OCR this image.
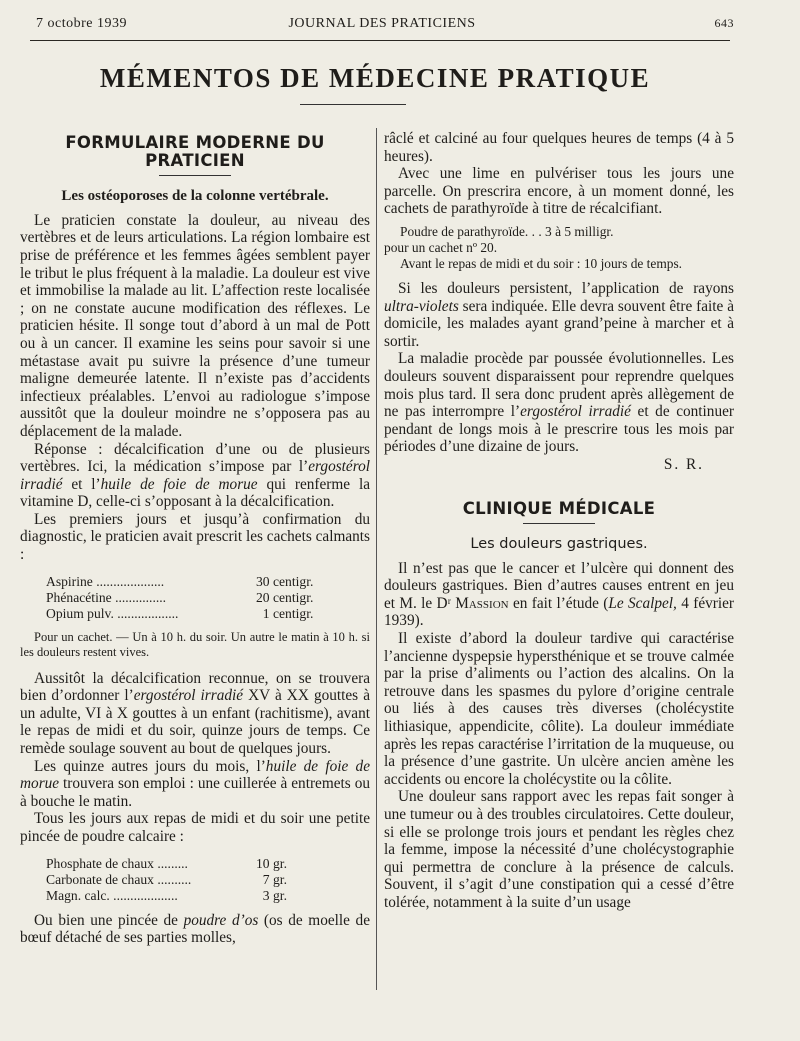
7 octobre 1939	JOURNAL DES PRATICIENS	643
MÉMENTOS DE MÉDECINE PRATIQUE
FORMULAIRE MODERNE DU PRATICIEN
Les ostéoporoses de la colonne vertébrale.

Le praticien constate la douleur, au niveau des vertèbres et de leurs articulations. La région lombaire est prise de préférence et les femmes âgées semblent payer le tribut le plus fréquent à la maladie. La douleur est vive et immobilise la malade au lit. L’affection reste localisée ; on ne constate aucune modification des réflexes. Le praticien hésite. Il songe tout d’abord à un mal de Pott ou à un cancer. Il examine les seins pour savoir si une métastase avait pu suivre la présence d’une tumeur maligne demeurée latente. Il n’existe pas d’accidents infectieux préalables. L’envoi au radiologue s’impose aussitôt que la douleur moindre ne s’opposera pas au déplacement de la malade.

Réponse : décalcification d’une ou de plusieurs vertèbres. Ici, la médication s’impose par l’ergostérol irradié et l’huile de foie de morue qui renferme la vitamine D, celle-ci s’opposant à la décalcification.

Les premiers jours et jusqu’à confirmation du diagnostic, le praticien avait prescrit les cachets calmants :

Aspirine ....................	30 centigr.
Phénacétine ...............	20 centigr.
Opium pulv. ..................	1 centigr.
Pour un cachet. — Un à 10 h. du soir. Un autre le matin à 10 h. si les douleurs restent vives.

Aussitôt la décalcification reconnue, on se trouvera bien d’ordonner l’ergostérol irradié XV à XX gouttes à un adulte, VI à X gouttes à un enfant (rachitisme), avant le repas de midi et du soir, quinze jours de temps. Ce remède soulage souvent au bout de quelques jours.

Les quinze autres jours du mois, l’huile de foie de morue trouvera son emploi : une cuillerée à entremets ou à bouche le matin.

Tous les jours aux repas de midi et du soir une petite pincée de poudre calcaire :

Phosphate de chaux .........	10 gr.
Carbonate de chaux ..........	7 gr.
Magn. calc. ...................	3 gr.

Ou bien une pincée de poudre d’os (os de moelle de bœuf détaché de ses parties molles,

râclé et calciné au four quelques heures de temps (4 à 5 heures).

Avec une lime en pulvériser tous les jours une parcelle. On prescrira encore, à un moment donné, les cachets de parathyroïde à titre de récalcifiant.

Poudre de parathyroïde. . . 3 à 5 milligr.
pour un cachet nº 20.
Avant le repas de midi et du soir : 10 jours de temps.

Si les douleurs persistent, l’application de rayons ultra-violets sera indiquée. Elle devra souvent être faite à domicile, les malades ayant grand’peine à marcher et à sortir.

La maladie procède par poussée évolutionnelles. Les douleurs souvent disparaissent pour reprendre quelques mois plus tard. Il sera donc prudent après allègement de ne pas interrompre l’ergostérol irradié et de continuer pendant de longs mois à le prescrire tous les mois par périodes d’une dizaine de jours.

S. R.
CLINIQUE MÉDICALE
Les douleurs gastriques.

Il n’est pas que le cancer et l’ulcère qui donnent des douleurs gastriques. Bien d’autres causes entrent en jeu et M. le Dʳ Massion en fait l’étude (Le Scalpel, 4 février 1939).

Il existe d’abord la douleur tardive qui caractérise l’ancienne dyspepsie hypersthénique et se trouve calmée par la prise d’aliments ou l’action des alcalins. On la retrouve dans les spasmes du pylore d’origine centrale ou liés à des causes très diverses (cholécystite lithiasique, appendicite, côlite). La douleur immédiate après les repas caractérise l’irritation de la muqueuse, ou la présence d’une gastrite. Un ulcère ancien amène les accidents ou encore la cholécystite ou la côlite.

Une douleur sans rapport avec les repas fait songer à une tumeur ou à des troubles circulatoires. Cette douleur, si elle se prolonge trois jours et pendant les règles chez la femme, impose la nécessité d’une cholécystographie qui permettra de conclure à la présence de calculs. Souvent, il s’agit d’une constipation qui a cessé d’être tolérée, notamment à la suite d’un usage
